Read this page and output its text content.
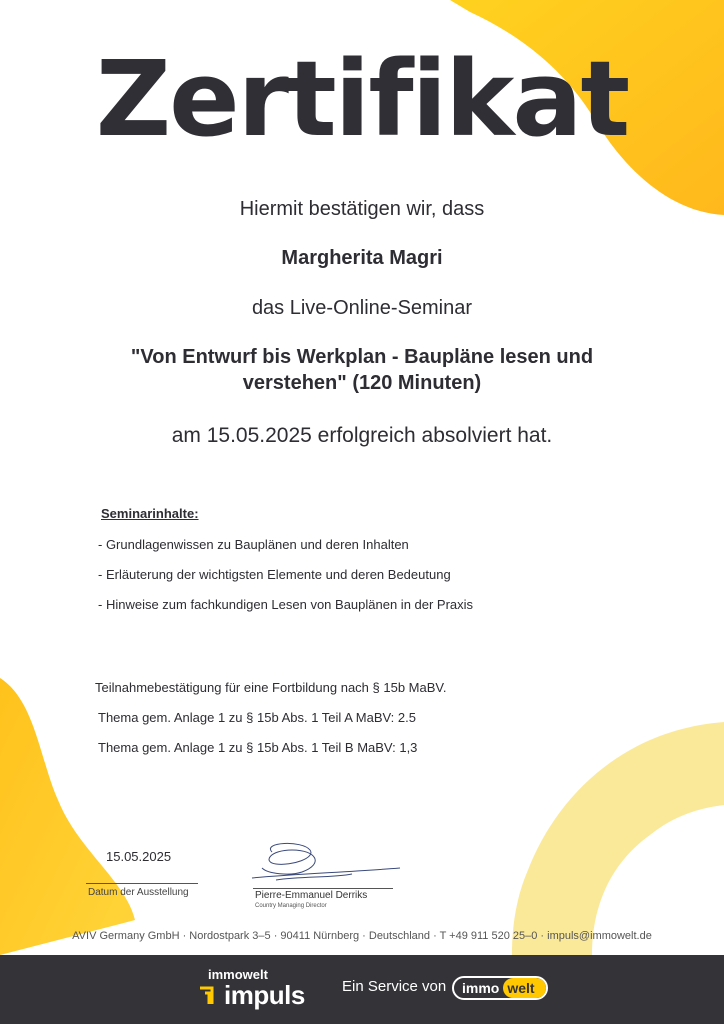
Zertifikat
Hiermit bestätigen wir, dass
Margherita Magri
das Live-Online-Seminar
"Von Entwurf bis Werkplan - Baupläne lesen und verstehen" (120 Minuten)
am 15.05.2025 erfolgreich absolviert hat.
Seminarinhalte:
- Grundlagenwissen zu Bauplänen und deren Inhalten
- Erläuterung der wichtigsten Elemente und deren Bedeutung
- Hinweise zum fachkundigen Lesen von Bauplänen in der Praxis
Teilnahmebestätigung für eine Fortbildung nach § 15b MaBV.
Thema gem. Anlage 1 zu § 15b Abs. 1 Teil A MaBV: 2.5
Thema gem. Anlage 1 zu § 15b Abs. 1 Teil B MaBV: 1,3
15.05.2025
Datum der Ausstellung	Pierre-Emmanuel Derriks
Country Managing Director
AVIV Germany GmbH · Nordostpark 3–5 · 90411 Nürnberg · Deutschland · T +49 911 520 25–0 · impuls@immowelt.de
immowelt
impuls Ein Service von	immo welt
